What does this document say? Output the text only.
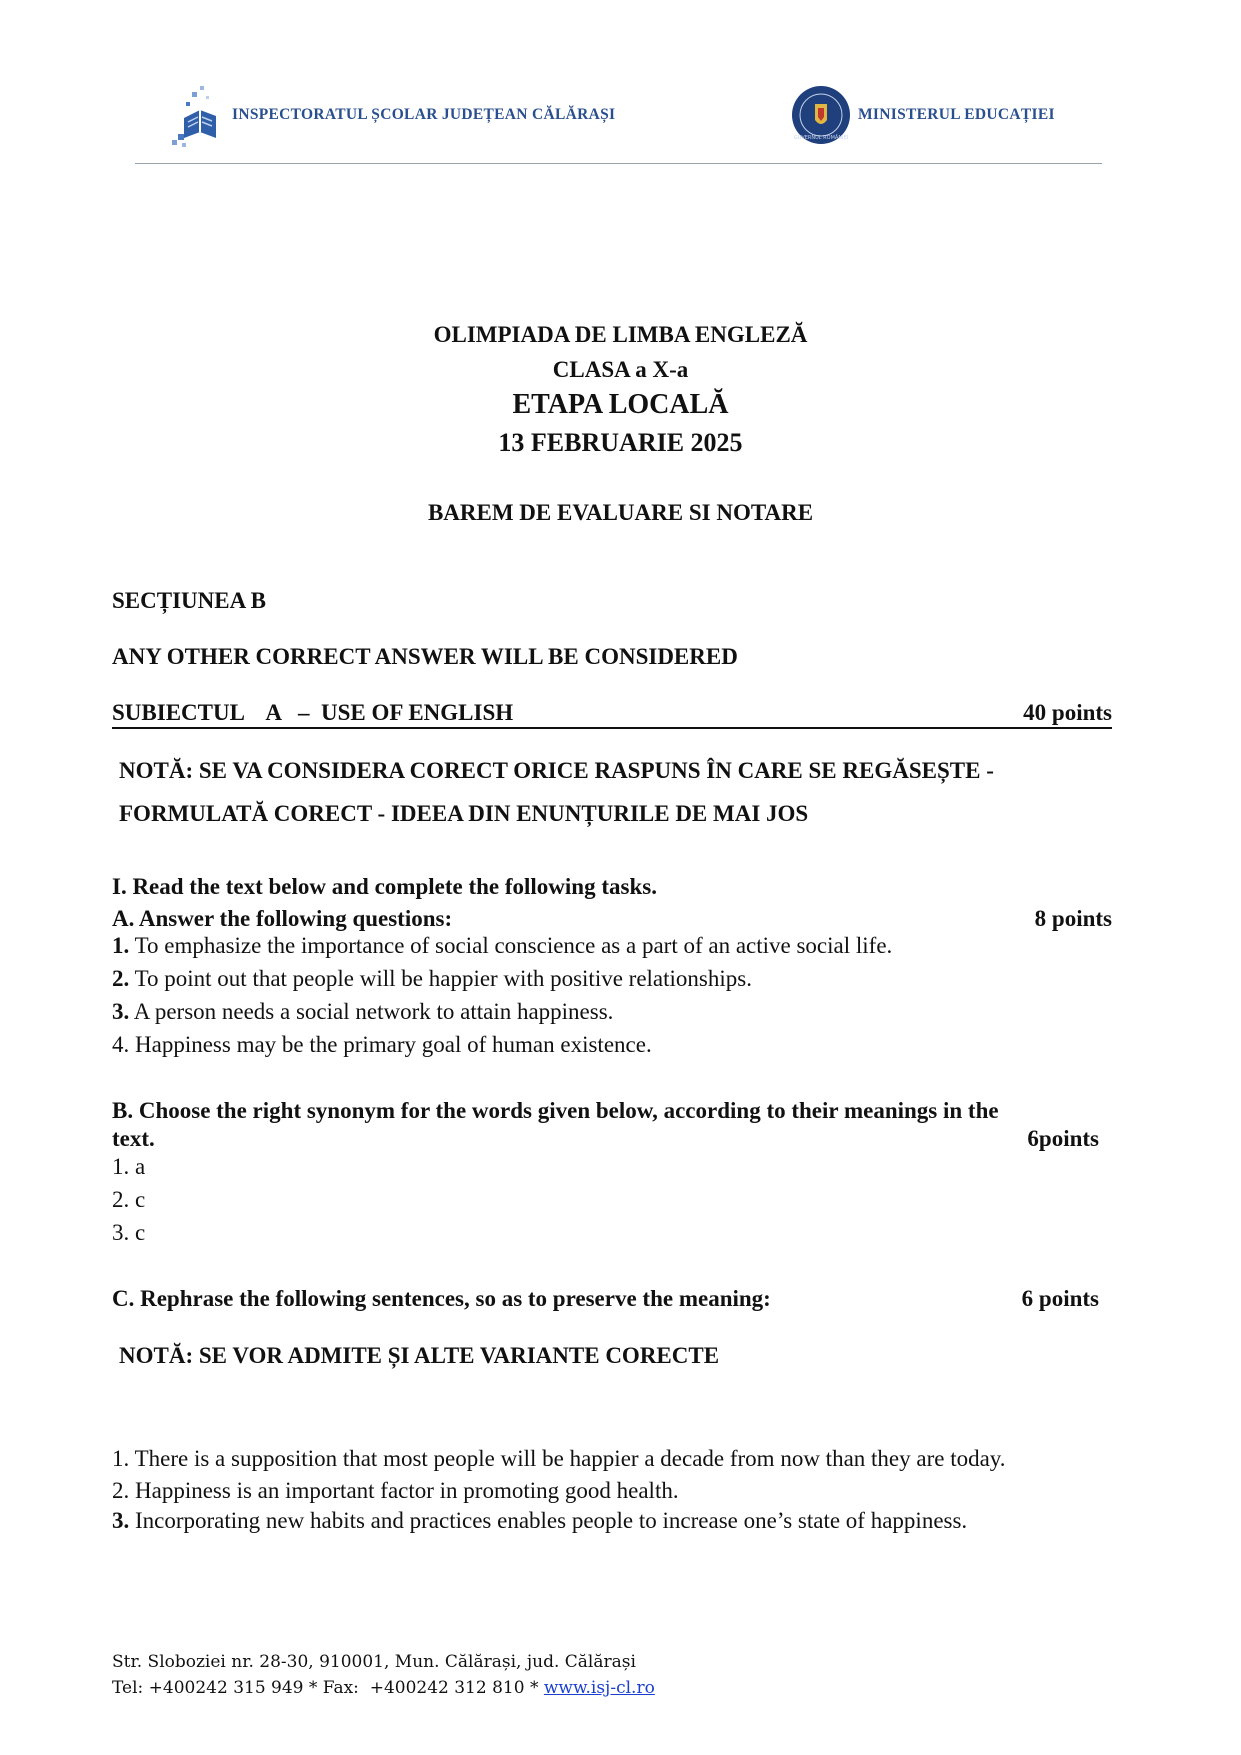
INSPECTORATUL ȘCOLAR JUDEȚEAN CĂLĂRAȘI
GUVERNUL ROMÂNIEI
MINISTERUL EDUCAȚIEI
OLIMPIADA DE LIMBA ENGLEZĂ
CLASA a X-a
ETAPA LOCALĂ
13 FEBRUARIE 2025
BAREM DE EVALUARE SI NOTARE
SECȚIUNEA B
ANY OTHER CORRECT ANSWER WILL BE CONSIDERED
SUBIECTUL    A   –  USE OF ENGLISH	40 points
NOTĂ: SE VA CONSIDERA CORECT ORICE RASPUNS ÎN CARE SE REGĂSEȘTE -
FORMULATĂ CORECT - IDEEA DIN ENUNȚURILE DE MAI JOS
I. Read the text below and complete the following tasks.
A. Answer the following questions:	8 points
1. To emphasize the importance of social conscience as a part of an active social life.
2. To point out that people will be happier with positive relationships.
3. A person needs a social network to attain happiness.
4. Happiness may be the primary goal of human existence.
B. Choose the right synonym for the words given below, according to their meanings in the
text.	6points
1. a
2. c
3. c
C. Rephrase the following sentences, so as to preserve the meaning:	6 points
NOTĂ: SE VOR ADMITE ȘI ALTE VARIANTE CORECTE
1. There is a supposition that most people will be happier a decade from now than they are today.
2. Happiness is an important factor in promoting good health.
3. Incorporating new habits and practices enables people to increase one’s state of happiness.
Str. Sloboziei nr. 28-30, 910001, Mun. Călărași, jud. Călărași
Tel: +400242 315 949 * Fax:  +400242 312 810 * www.isj-cl.ro
